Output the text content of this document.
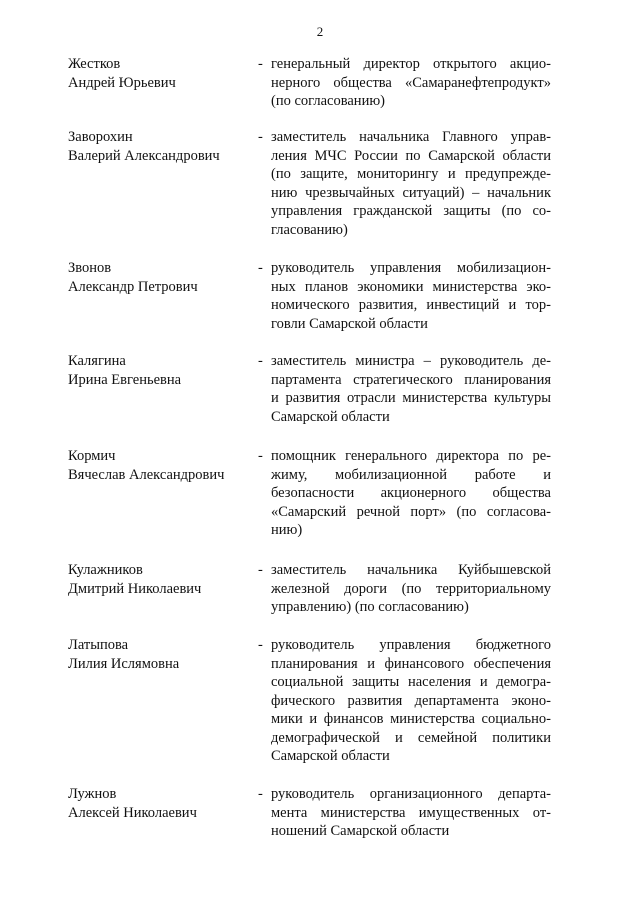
2
Жестков
Андрей Юрьевич
- генеральный директор открытого акцио-
нерного общества «Самаранефтепродукт»
(по согласованию)
Заворохин
Валерий Александрович
- заместитель начальника Главного управ-
ления МЧС России по Самарской области
(по защите, мониторингу и предупрежде-
нию чрезвычайных ситуаций) – начальник
управления гражданской защиты (по со-
гласованию)
Звонов
Александр Петрович
- руководитель управления мобилизацион-
ных планов экономики министерства эко-
номического развития, инвестиций и тор-
говли Самарской области
Калягина
Ирина Евгеньевна
- заместитель министра – руководитель де-
партамента стратегического планирования
и развития отрасли министерства культуры
Самарской области
Кормич
Вячеслав Александрович
- помощник генерального директора по ре-
жиму, мобилизационной работе и
безопасности акционерного общества
«Самарский речной порт» (по согласова-
нию)
Кулажников
Дмитрий Николаевич
- заместитель начальника Куйбышевской
железной дороги (по территориальному
управлению) (по согласованию)
Латыпова
Лилия Ислямовна
- руководитель управления бюджетного
планирования и финансового обеспечения
социальной защиты населения и демогра-
фического развития департамента эконо-
мики и финансов министерства социально-
демографической и семейной политики
Самарской области
Лужнов
Алексей Николаевич
- руководитель организационного департа-
мента министерства имущественных от-
ношений Самарской области
